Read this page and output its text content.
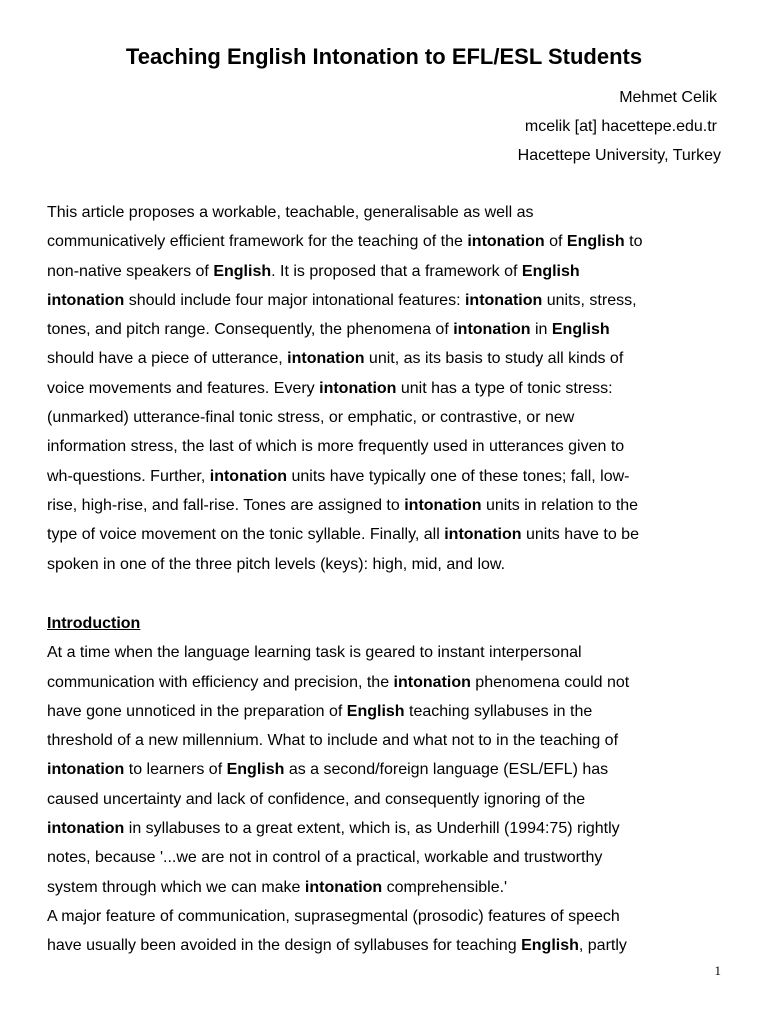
Teaching English Intonation to EFL/ESL Students
Mehmet Celik
mcelik [at] hacettepe.edu.tr
Hacettepe University, Turkey
This article proposes a workable, teachable, generalisable as well as
communicatively efficient framework for the teaching of the intonation of English to
non-native speakers of English. It is proposed that a framework of English
intonation should include four major intonational features: intonation units, stress,
tones, and pitch range. Consequently, the phenomena of intonation in English
should have a piece of utterance, intonation unit, as its basis to study all kinds of
voice movements and features. Every intonation unit has a type of tonic stress:
(unmarked) utterance-final tonic stress, or emphatic, or contrastive, or new
information stress, the last of which is more frequently used in utterances given to
wh-questions. Further, intonation units have typically one of these tones; fall, low-
rise, high-rise, and fall-rise. Tones are assigned to intonation units in relation to the
type of voice movement on the tonic syllable. Finally, all intonation units have to be
spoken in one of the three pitch levels (keys): high, mid, and low.
Introduction
At a time when the language learning task is geared to instant interpersonal
communication with efficiency and precision, the intonation phenomena could not
have gone unnoticed in the preparation of English teaching syllabuses in the
threshold of a new millennium. What to include and what not to in the teaching of
intonation to learners of English as a second/foreign language (ESL/EFL) has
caused uncertainty and lack of confidence, and consequently ignoring of the
intonation in syllabuses to a great extent, which is, as Underhill (1994:75) rightly
notes, because '...we are not in control of a practical, workable and trustworthy
system through which we can make intonation comprehensible.'
A major feature of communication, suprasegmental (prosodic) features of speech
have usually been avoided in the design of syllabuses for teaching English, partly
1
